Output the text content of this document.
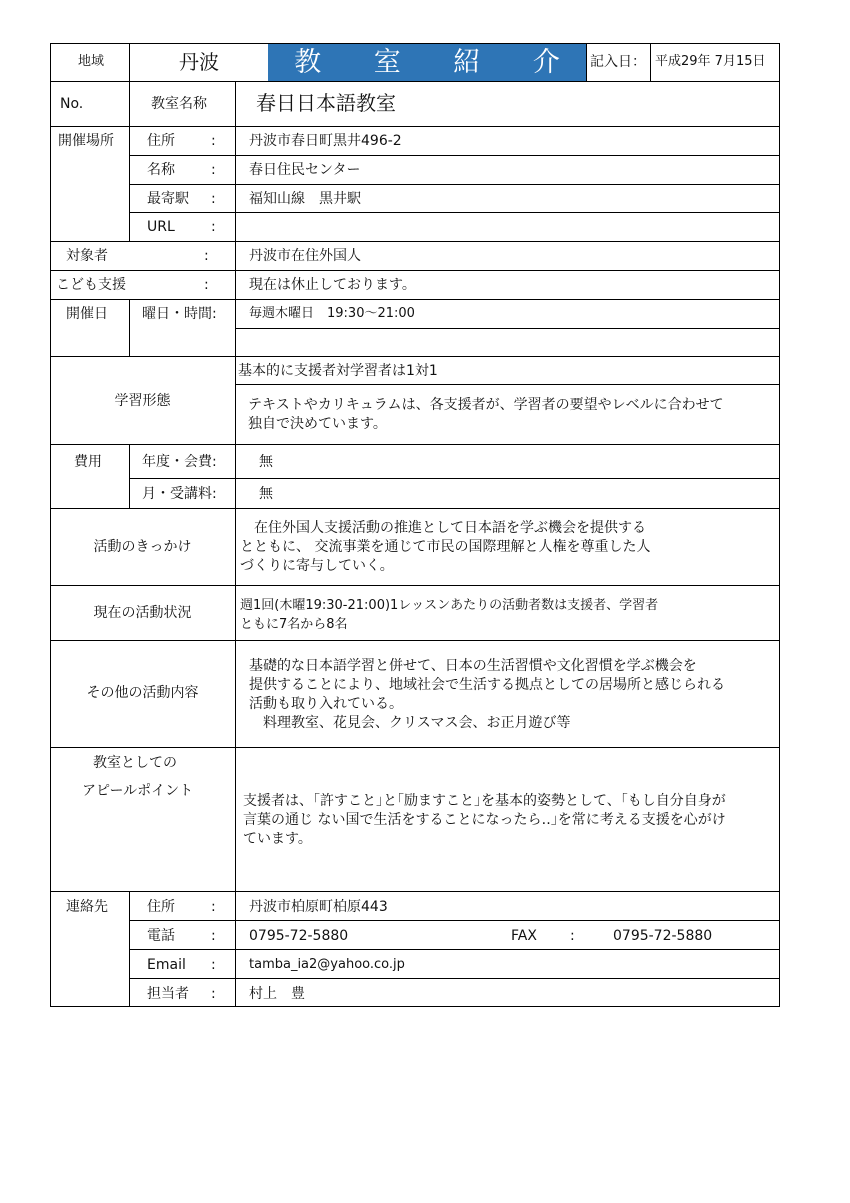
地域	丹波	教 室 紹 介 記入日： 平成29年 7月15日
No.	教室名称 春日日本語教室
開催場所 住所	: 丹波市春日町黒井496-2
名称	: 春日住民センター
最寄駅 : 福知山線　黒井駅
URL	:
対象者	:	丹波市在住外国人
こども支援	:	現在は休止しております。
開催日 曜日・時間: 毎週木曜日　19:30～21:00
学習形態
基本的に支援者対学習者は1対1
テキストやカリキュラムは、各支援者が、学習者の要望やレベルに合わせて
独自で決めています。
費用	年度・会費:	無
月・受講料:	無
活動のきっかけ
　在住外国人支援活動の推進として日本語を学ぶ機会を提供する
とともに、 交流事業を通じて市民の国際理解と人権を尊重した人
づくりに寄与していく。
現在の活動状況	週1回(木曜19:30-21:00)1レッスンあたりの活動者数は支援者、学習者
ともに7名から8名
その他の活動内容
基礎的な日本語学習と併せて、日本の生活習慣や文化習慣を学ぶ機会を
提供することにより、地域社会で生活する拠点としての居場所と感じられる
活動も取り入れている。
　料理教室、花見会、クリスマス会、お正月遊び等
教室としての
アピールポイント
支援者は、｢許すこと｣と｢励ますこと｣を基本的姿勢として、｢もし自分自身が
言葉の通じ ない国で生活をすることになったら‥｣を常に考える支援を心がけ
ています。
連絡先	住所	: 丹波市柏原町柏原443
電話	: 0795-72-5880	FAX :	0795-72-5880
Email :	tamba_ia2@yahoo.co.jp
担当者 : 村上　豊
